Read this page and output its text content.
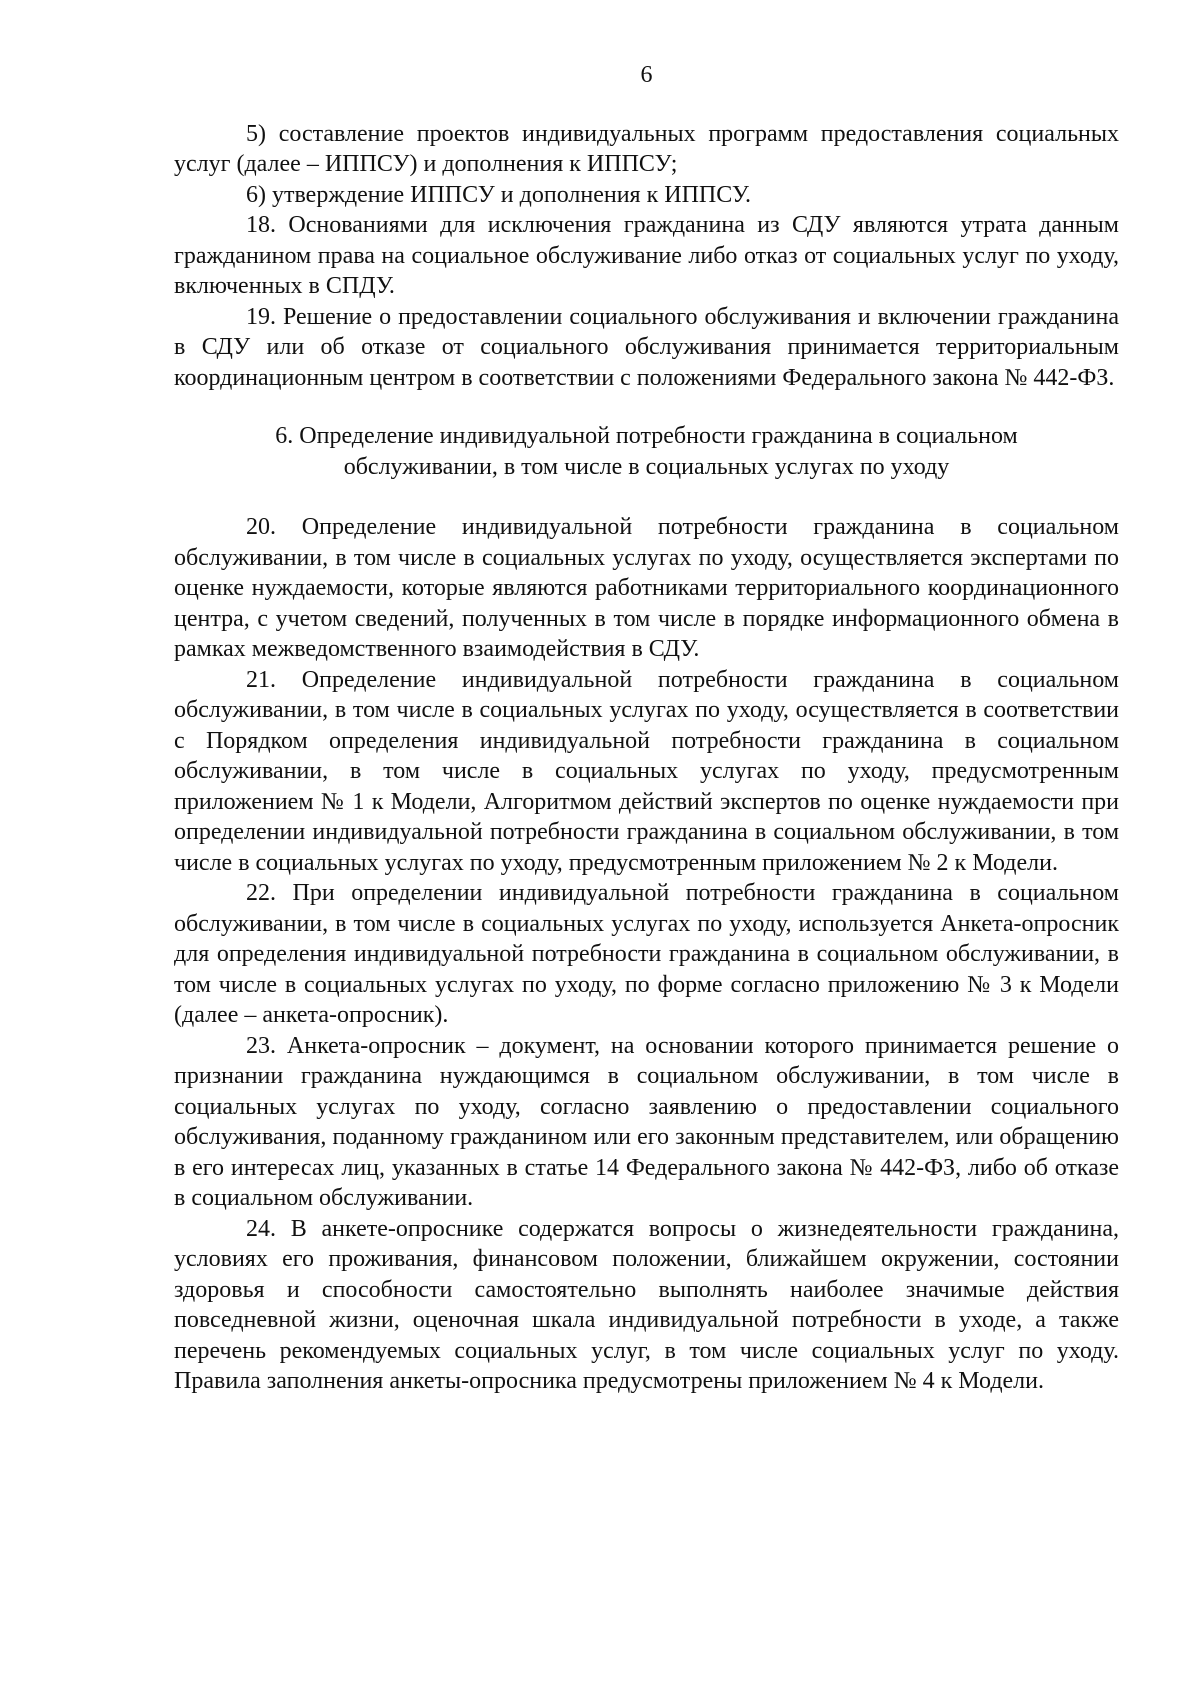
6

5) составление проектов индивидуальных программ предоставления социальных услуг (далее – ИППСУ) и дополнения к ИППСУ;

6) утверждение ИППСУ и дополнения к ИППСУ.

18. Основаниями для исключения гражданина из СДУ являются утрата данным гражданином права на социальное обслуживание либо отказ от социальных услуг по уходу, включенных в СПДУ.

19. Решение о предоставлении социального обслуживания и включении гражданина в СДУ или об отказе от социального обслуживания принимается территориальным координационным центром в соответствии с положениями Федерального закона № 442-ФЗ.

6. Определение индивидуальной потребности гражданина в социальном
обслуживании, в том числе в социальных услугах по уходу

20. Определение индивидуальной потребности гражданина в социальном обслуживании, в том числе в социальных услугах по уходу, осуществляется экспертами по оценке нуждаемости, которые являются работниками территориального координационного центра, с учетом сведений, полученных в том числе в порядке информационного обмена в рамках межведомственного взаимодействия в СДУ.

21. Определение индивидуальной потребности гражданина в социальном обслуживании, в том числе в социальных услугах по уходу, осуществляется в соответствии с Порядком определения индивидуальной потребности гражданина в социальном обслуживании, в том числе в социальных услугах по уходу, предусмотренным приложением № 1 к Модели, Алгоритмом действий экспертов по оценке нуждаемости при определении индивидуальной потребности гражданина в социальном обслуживании, в том числе в социальных услугах по уходу, предусмотренным приложением № 2 к Модели.

22. При определении индивидуальной потребности гражданина в социальном обслуживании, в том числе в социальных услугах по уходу, используется Анкета-опросник для определения индивидуальной потребности гражданина в социальном обслуживании, в том числе в социальных услугах по уходу, по форме согласно приложению № 3 к Модели (далее – анкета-опросник).

23. Анкета-опросник – документ, на основании которого принимается решение о признании гражданина нуждающимся в социальном обслуживании, в том числе в социальных услугах по уходу, согласно заявлению о предоставлении социального обслуживания, поданному гражданином или его законным представителем, или обращению в его интересах лиц, указанных в статье 14 Федерального закона № 442-ФЗ, либо об отказе в социальном обслуживании.

24. В анкете-опроснике содержатся вопросы о жизнедеятельности гражданина, условиях его проживания, финансовом положении, ближайшем окружении, состоянии здоровья и способности самостоятельно выполнять наиболее значимые действия повседневной жизни, оценочная шкала индивидуальной потребности в уходе, а также перечень рекомендуемых социальных услуг, в том числе социальных услуг по уходу. Правила заполнения анкеты-опросника предусмотрены приложением № 4 к Модели.
